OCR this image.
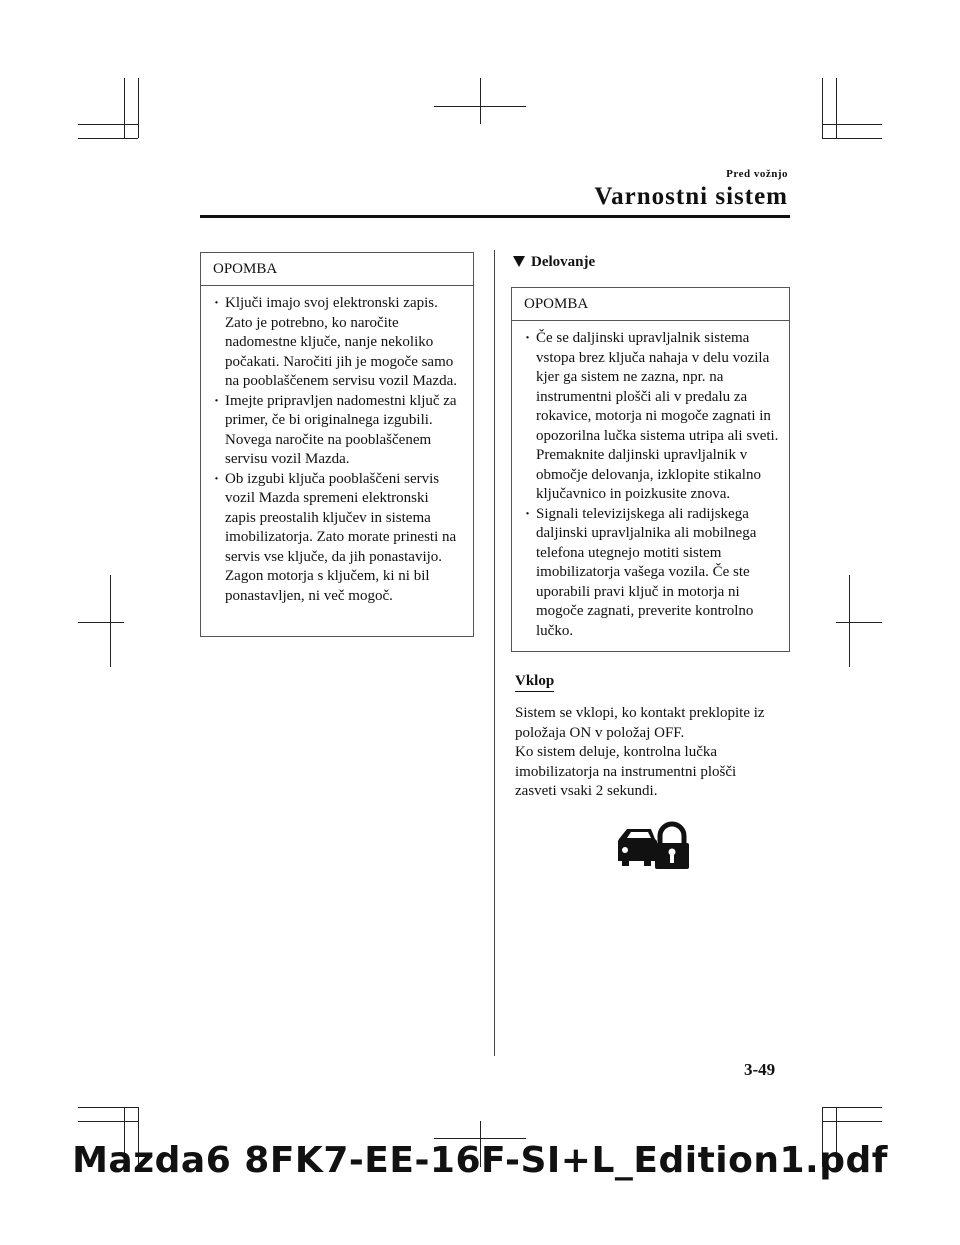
Pred vožnjo
Varnostni sistem
OPOMBA
· Ključi imajo svoj elektronski zapis. Zato je potrebno, ko naročite nadomestne ključe, nanje nekoliko počakati. Naročiti jih je mogoče samo na pooblaščenem servisu vozil Mazda.
· Imejte pripravljen nadomestni ključ za primer, če bi originalnega izgubili. Novega naročite na pooblaščenem servisu vozil Mazda.
· Ob izgubi ključa pooblaščeni servis vozil Mazda spremeni elektronski zapis preostalih ključev in sistema imobilizatorja. Zato morate prinesti na servis vse ključe, da jih ponastavijo. Zagon motorja s ključem, ki ni bil ponastavljen, ni več mogoč.
Delovanje
OPOMBA
· Če se daljinski upravljalnik sistema vstopa brez ključa nahaja v delu vozila kjer ga sistem ne zazna, npr. na instrumentni plošči ali v predalu za rokavice, motorja ni mogoče zagnati in opozorilna lučka sistema utripa ali sveti. Premaknite daljinski upravljalnik v območje delovanja, izklopite stikalno ključavnico in poizkusite znova.
· Signali televizijskega ali radijskega daljinski upravljalnika ali mobilnega telefona utegnejo motiti sistem imobilizatorja vašega vozila. Če ste uporabili pravi ključ in motorja ni mogoče zagnati, preverite kontrolno lučko.
Vklop
Sistem se vklopi, ko kontakt preklopite iz
položaja ON v položaj OFF.
Ko sistem deluje, kontrolna lučka
imobilizatorja na instrumentni plošči
zasveti vsaki 2 sekundi.
3-49
Mazda6 8FK7-EE-16F-SI+L_Edition1.pdf
